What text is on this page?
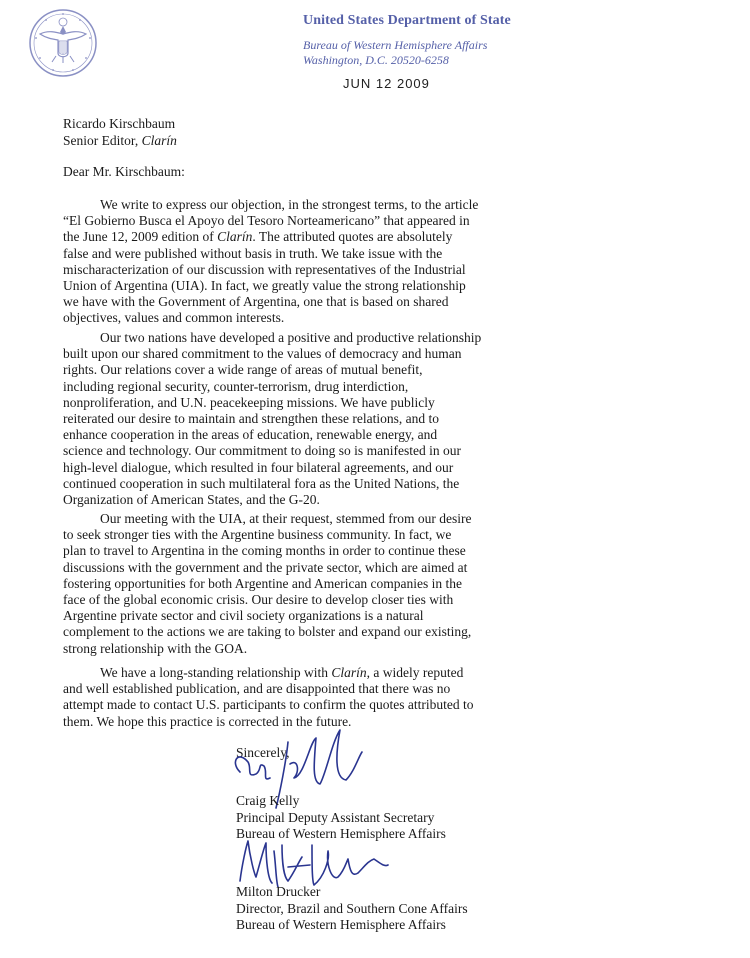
United States Department of State
Bureau of Western Hemisphere Affairs
Washington, D.C. 20520-6258
JUN 12 2009
Ricardo Kirschbaum
Senior Editor, Clarín
Dear Mr. Kirschbaum:

We write to express our objection, in the strongest terms, to the article
“El Gobierno Busca el Apoyo del Tesoro Norteamericano” that appeared in
the June 12, 2009 edition of Clarín. The attributed quotes are absolutely
false and were published without basis in truth. We take issue with the
mischaracterization of our discussion with representatives of the Industrial
Union of Argentina (UIA). In fact, we greatly value the strong relationship
we have with the Government of Argentina, one that is based on shared
objectives, values and common interests.

Our two nations have developed a positive and productive relationship
built upon our shared commitment to the values of democracy and human
rights. Our relations cover a wide range of areas of mutual benefit,
including regional security, counter-terrorism, drug interdiction,
nonproliferation, and U.N. peacekeeping missions. We have publicly
reiterated our desire to maintain and strengthen these relations, and to
enhance cooperation in the areas of education, renewable energy, and
science and technology. Our commitment to doing so is manifested in our
high-level dialogue, which resulted in four bilateral agreements, and our
continued cooperation in such multilateral fora as the United Nations, the
Organization of American States, and the G-20.

Our meeting with the UIA, at their request, stemmed from our desire
to seek stronger ties with the Argentine business community. In fact, we
plan to travel to Argentina in the coming months in order to continue these
discussions with the government and the private sector, which are aimed at
fostering opportunities for both Argentine and American companies in the
face of the global economic crisis. Our desire to develop closer ties with
Argentine private sector and civil society organizations is a natural
complement to the actions we are taking to bolster and expand our existing,
strong relationship with the GOA.

We have a long-standing relationship with Clarín, a widely reputed
and well established publication, and are disappointed that there was no
attempt made to contact U.S. participants to confirm the quotes attributed to
them. We hope this practice is corrected in the future.

Sincerely,
Craig Kelly
Principal Deputy Assistant Secretary
Bureau of Western Hemisphere Affairs
Milton Drucker
Director, Brazil and Southern Cone Affairs
Bureau of Western Hemisphere Affairs
